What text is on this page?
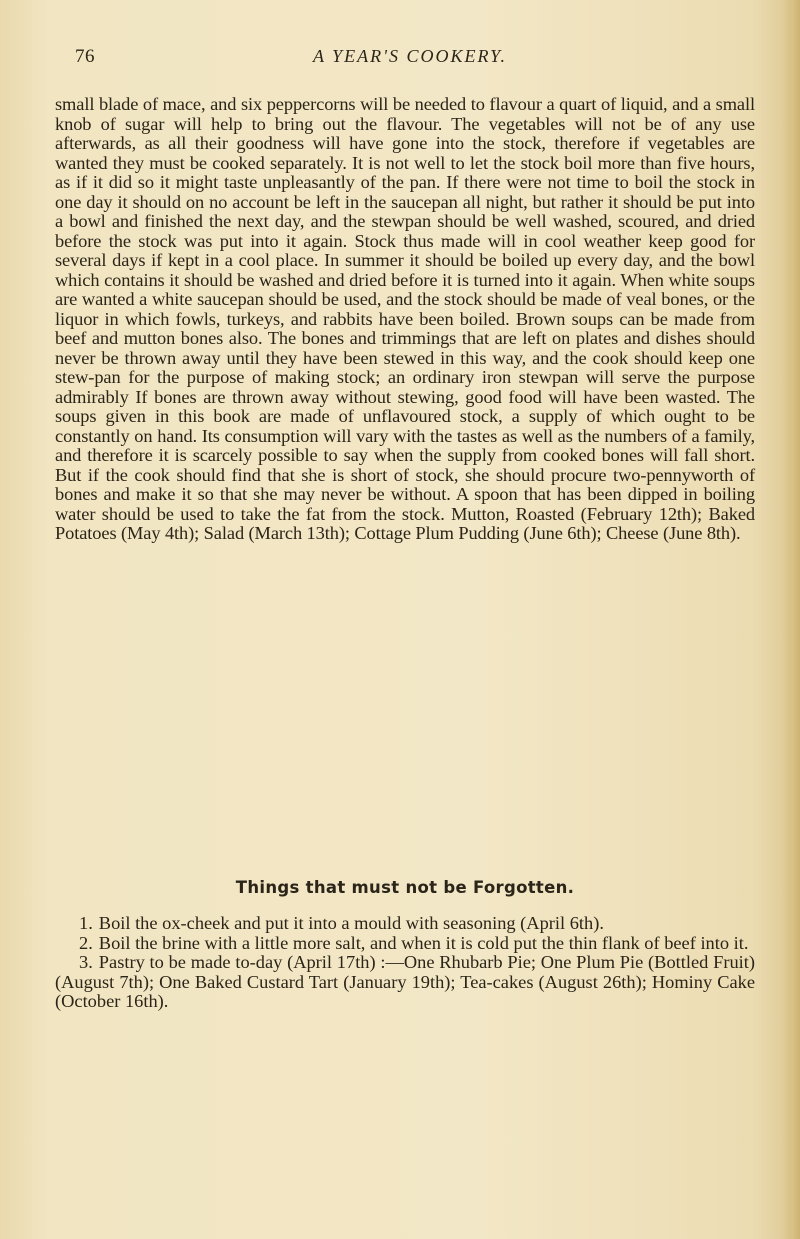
76	A YEAR'S COOKERY.

small blade of mace, and six peppercorns will be needed to flavour a quart of liquid, and a small knob of sugar will help to bring out the flavour. The vegetables will not be of any use afterwards, as all their goodness will have gone into the stock, therefore if vegetables are wanted they must be cooked separately. It is not well to let the stock boil more than five hours, as if it did so it might taste unpleasantly of the pan. If there were not time to boil the stock in one day it should on no account be left in the saucepan all night, but rather it should be put into a bowl and finished the next day, and the stewpan should be well washed, scoured, and dried before the stock was put into it again. Stock thus made will in cool weather keep good for several days if kept in a cool place. In summer it should be boiled up every day, and the bowl which contains it should be washed and dried before it is turned into it again. When white soups are wanted a white saucepan should be used, and the stock should be made of veal bones, or the liquor in which fowls, turkeys, and rabbits have been boiled. Brown soups can be made from beef and mutton bones also. The bones and trimmings that are left on plates and dishes should never be thrown away until they have been stewed in this way, and the cook should keep one stew-pan for the purpose of making stock; an ordinary iron stewpan will serve the purpose admirably If bones are thrown away without stewing, good food will have been wasted. The soups given in this book are made of unflavoured stock, a supply of which ought to be constantly on hand. Its consumption will vary with the tastes as well as the numbers of a family, and therefore it is scarcely possible to say when the supply from cooked bones will fall short. But if the cook should find that she is short of stock, she should procure two-pennyworth of bones and make it so that she may never be without. A spoon that has been dipped in boiling water should be used to take the fat from the stock. Mutton, Roasted (February 12th); Baked Potatoes (May 4th); Salad (March 13th); Cottage Plum Pudding (June 6th); Cheese (June 8th).

Things that must not be Forgotten.
1. Boil the ox-cheek and put it into a mould with seasoning (April 6th).
2. Boil the brine with a little more salt, and when it is cold put the thin flank of beef into it.
3. Pastry to be made to-day (April 17th) :—One Rhubarb Pie; One Plum Pie (Bottled Fruit) (August 7th); One Baked Custard Tart (January 19th); Tea-cakes (August 26th); Hominy Cake (October 16th).
